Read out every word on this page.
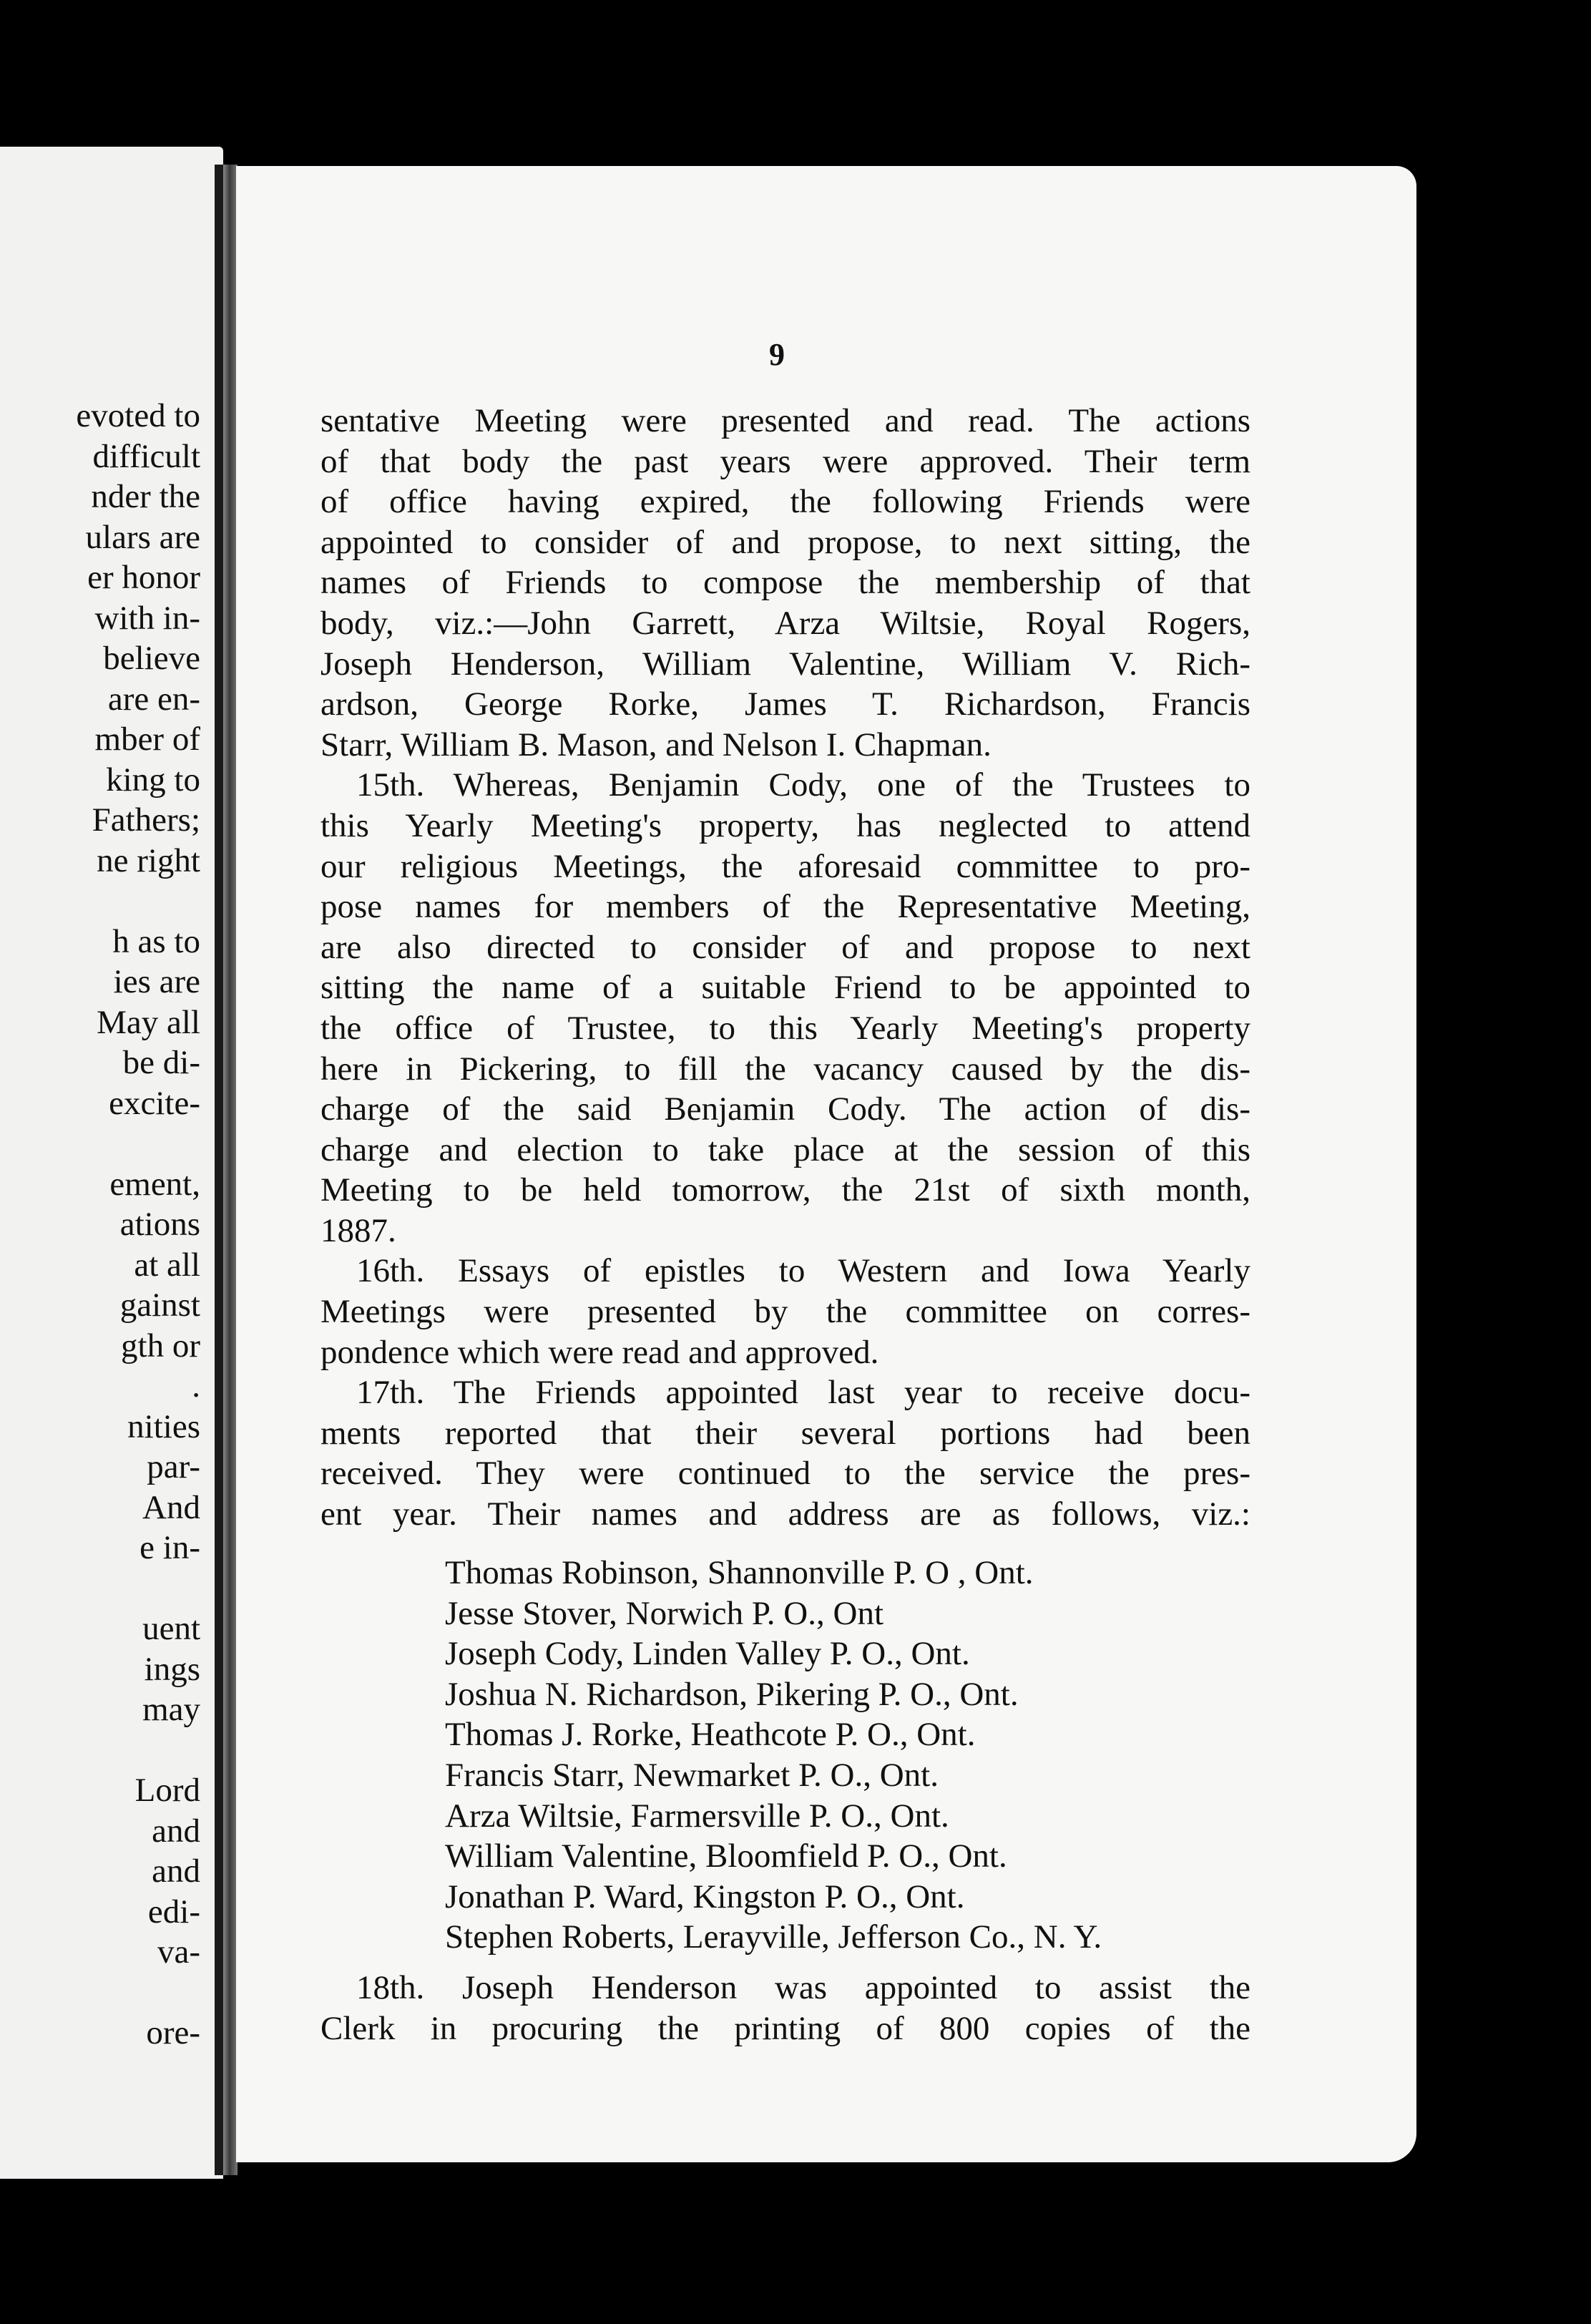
evoted to
difficult
nder the
ulars are
er honor
with in-
believe
are en-
mber of
king to
Fathers;
ne right
h as to
ies are
May all
be di-
excite-
ement,
ations
at all
gainst
gth or
.
nities
par-
And
e in-
uent
ings
may
Lord
and
and
edi-
va-
ore-
9
sentative Meeting were presented and read. The actions
of that body the past years were approved. Their term
of office having expired, the following Friends were
appointed to consider of and propose, to next sitting, the
names of Friends to compose the membership of that
body, viz.:—John Garrett, Arza Wiltsie, Royal Rogers,
Joseph Henderson, William Valentine, William V. Rich-
ardson, George Rorke, James T. Richardson, Francis
Starr, William B. Mason, and Nelson I. Chapman.
15th. Whereas, Benjamin Cody, one of the Trustees to
this Yearly Meeting's property, has neglected to attend
our religious Meetings, the aforesaid committee to pro-
pose names for members of the Representative Meeting,
are also directed to consider of and propose to next
sitting the name of a suitable Friend to be appointed to
the office of Trustee, to this Yearly Meeting's property
here in Pickering, to fill the vacancy caused by the dis-
charge of the said Benjamin Cody. The action of dis-
charge and election to take place at the session of this
Meeting to be held tomorrow, the 21st of sixth month,
1887.
16th. Essays of epistles to Western and Iowa Yearly
Meetings were presented by the committee on corres-
pondence which were read and approved.
17th. The Friends appointed last year to receive docu-
ments reported that their several portions had been
received. They were continued to the service the pres-
ent year. Their names and address are as follows, viz.:
Thomas Robinson, Shannonville P. O , Ont.
Jesse Stover, Norwich P. O., Ont
Joseph Cody, Linden Valley P. O., Ont.
Joshua N. Richardson, Pikering P. O., Ont.
Thomas J. Rorke, Heathcote P. O., Ont.
Francis Starr, Newmarket P. O., Ont.
Arza Wiltsie, Farmersville P. O., Ont.
William Valentine, Bloomfield P. O., Ont.
Jonathan P. Ward, Kingston P. O., Ont.
Stephen Roberts, Lerayville, Jefferson Co., N. Y.
18th. Joseph Henderson was appointed to assist the
Clerk in procuring the printing of 800 copies of the
